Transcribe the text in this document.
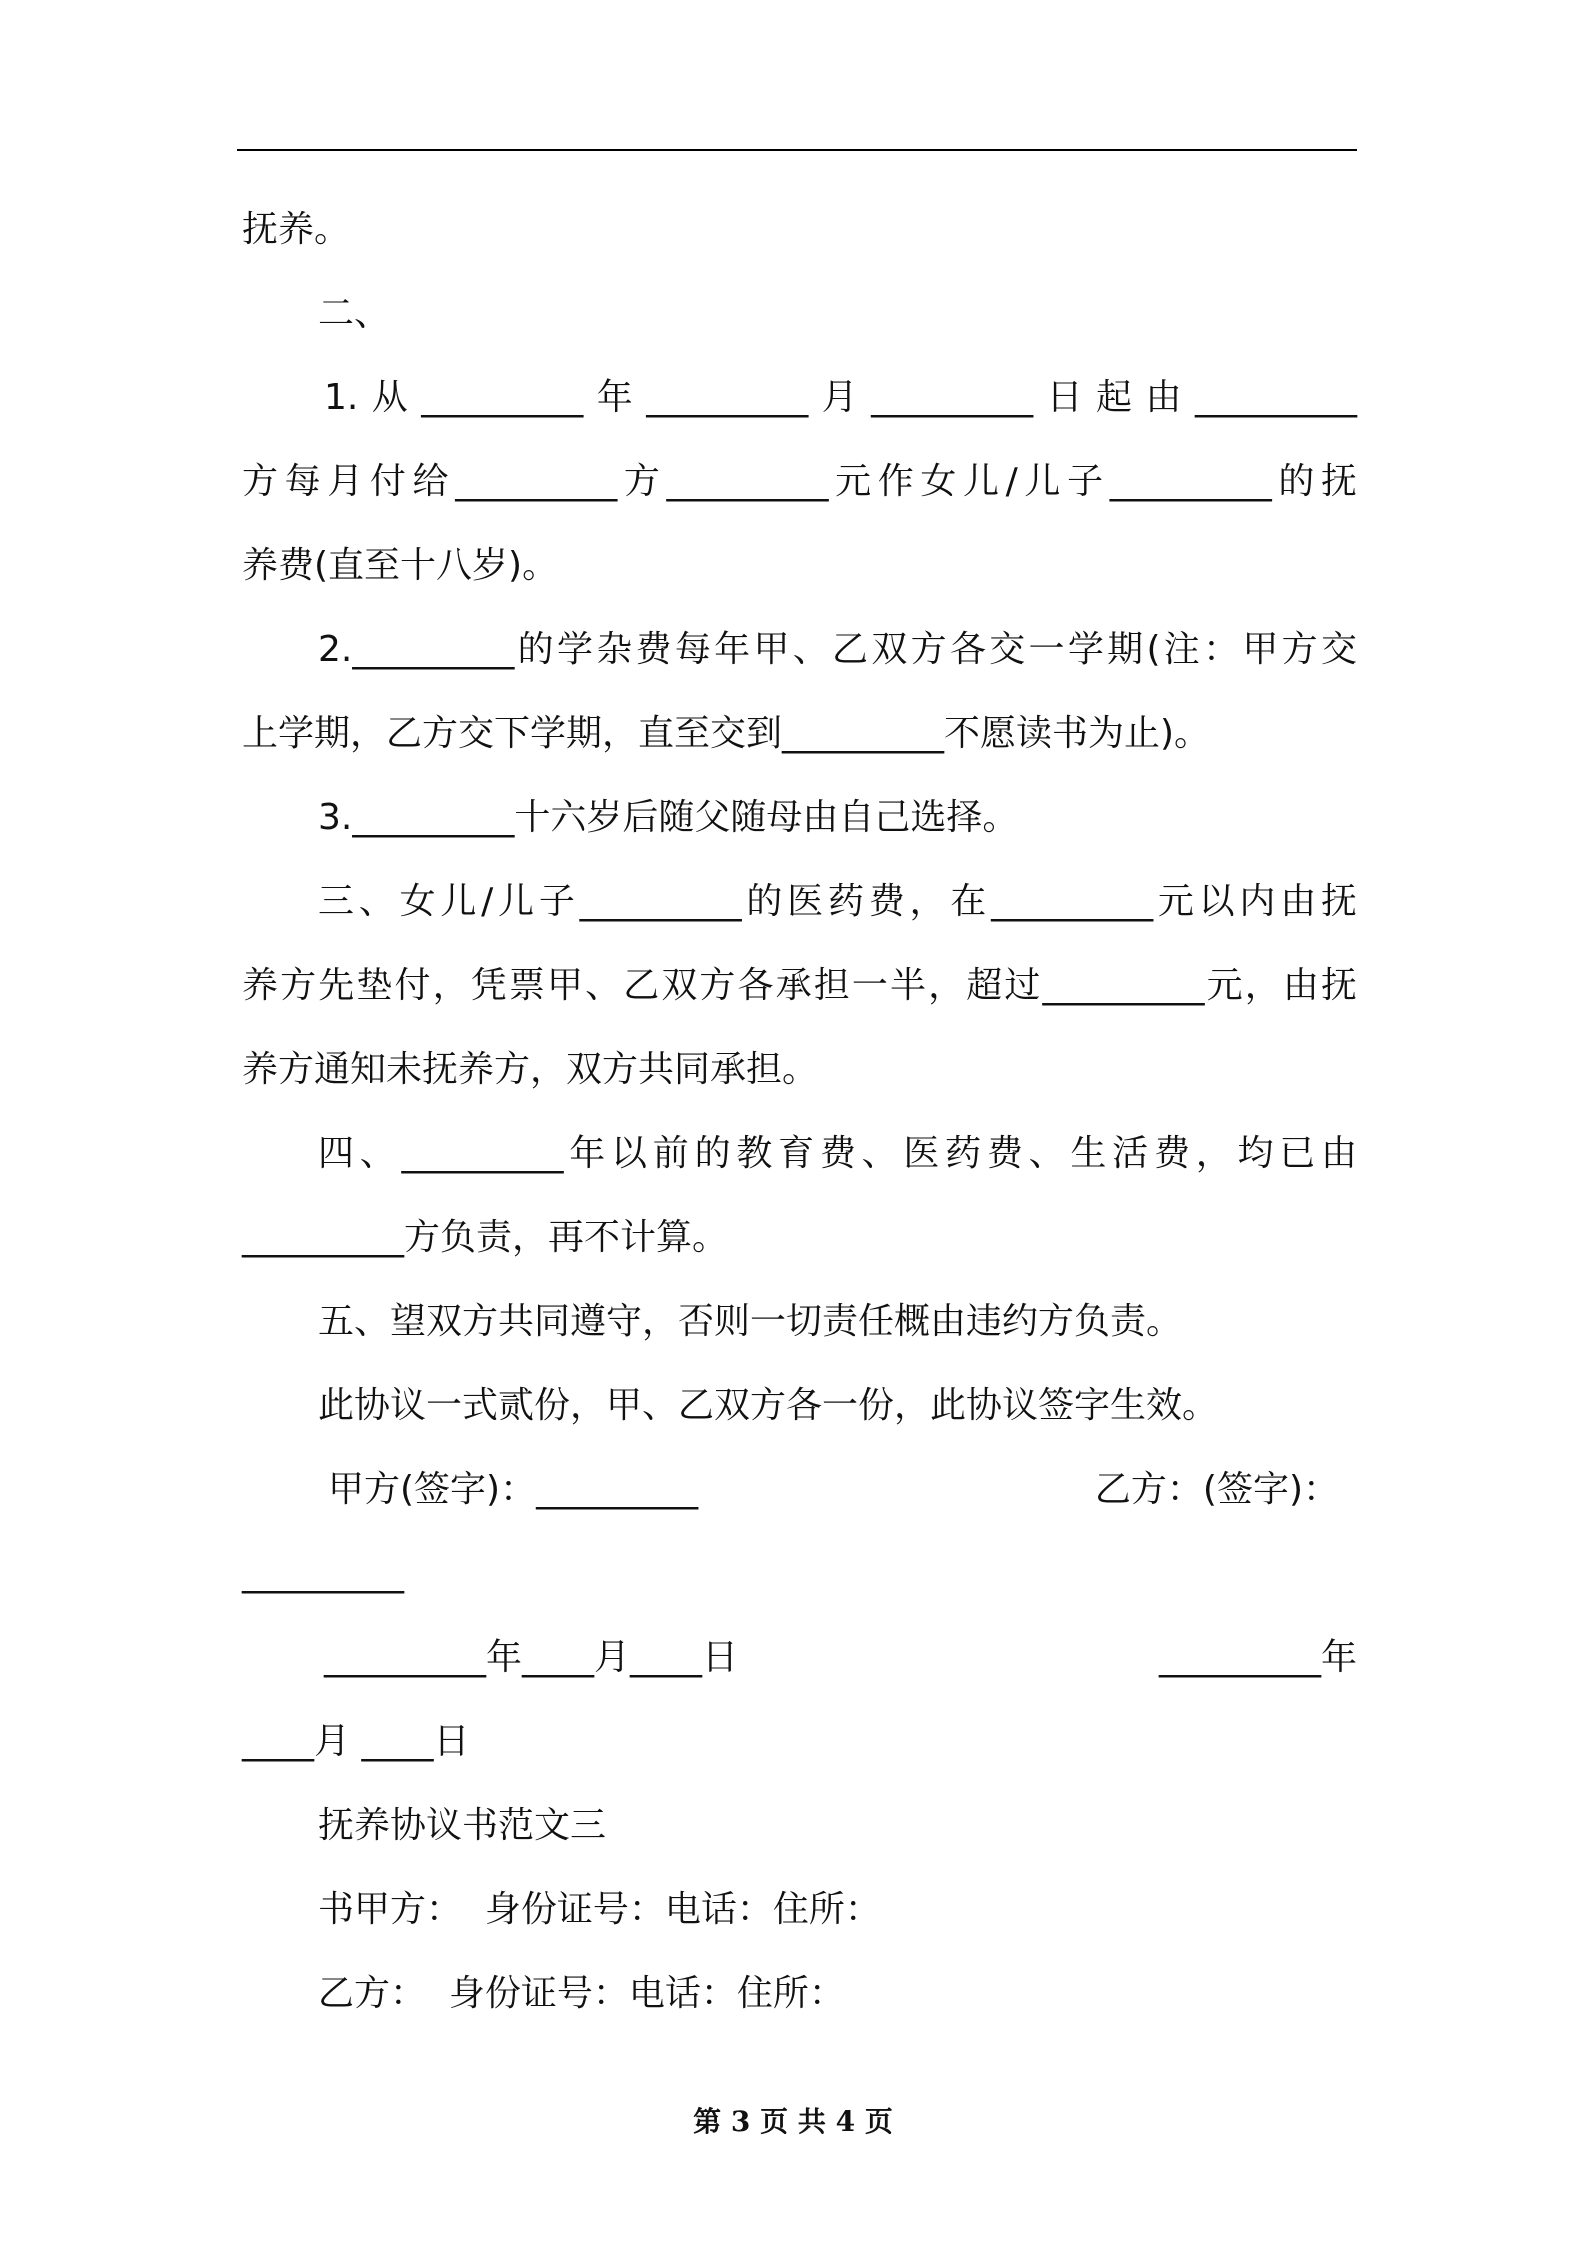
抚养。
二、
1.从_________年_________月_________日起由_________
方每月付给_________方_________元作女儿/儿子_________的抚
养费(直至十八岁)。
2._________的学杂费每年甲、乙双方各交一学期(注：甲方交
上学期，乙方交下学期，直至交到_________不愿读书为止)。
3._________十六岁后随父随母由自己选择。
三、女儿/儿子_________的医药费，在_________元以内由抚
养方先垫付，凭票甲、乙双方各承担一半，超过_________元，由抚
养方通知未抚养方，双方共同承担。
四、_________年以前的教育费、医药费、生活费，均已由
_________方负责，再不计算。
五、望双方共同遵守，否则一切责任概由违约方负责。
此协议一式贰份，甲、乙双方各一份，此协议签字生效。
甲方(签字)：_________	乙方：(签字)：
_________
_________年____月____日	_________年
____月 ____日
抚养协议书范文三
书甲方：  身份证号：电话：住所：
乙方：  身份证号：电话：住所：
第 3 页 共 4 页
